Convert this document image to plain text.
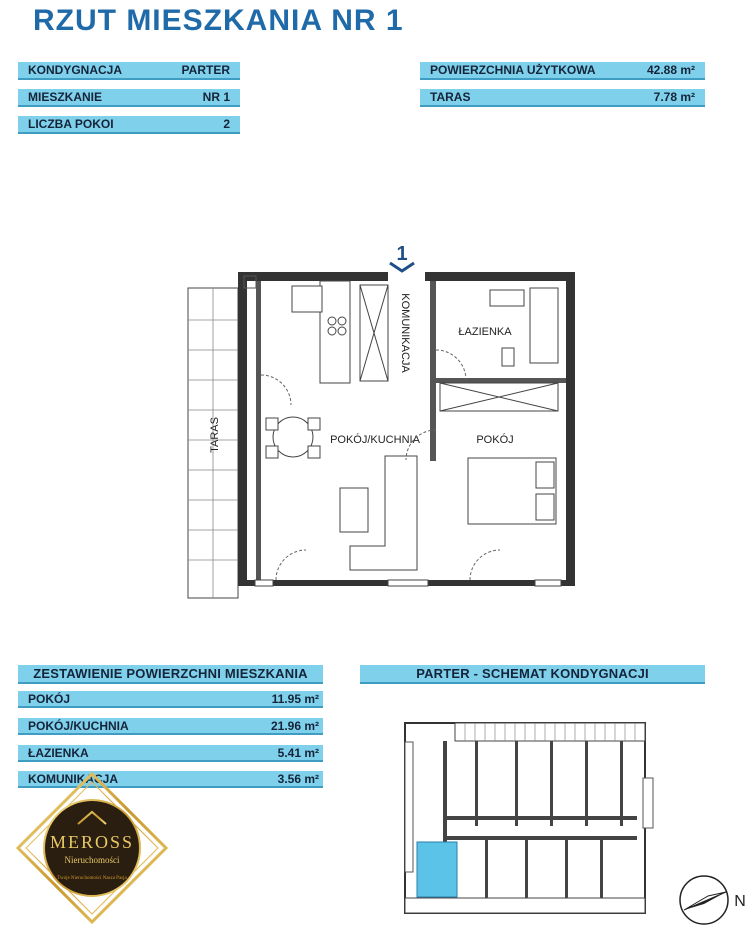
RZUT MIESZKANIA NR 1
KONDYGNACJA	PARTER
MIESZKANIE	NR 1
LICZBA POKOI	2
POWIERZCHNIA UŻYTKOWA	42.88 m²
TARAS	7.78 m²
1
TARAS
KOMUNIKACJA	ŁAZIENKA
POKÓJ/KUCHNIA	POKÓJ
ZESTAWIENIE POWIERZCHNI MIESZKANIA
POKÓJ	11.95 m²
POKÓJ/KUCHNIA	21.96 m²
ŁAZIENKA	5.41 m²
KOMUNIKACJA	3.56 m²
PARTER - SCHEMAT KONDYGNACJI
N
MEROSS
Nieruchomości
Twoje Nieruchomości Nasza Pasja
